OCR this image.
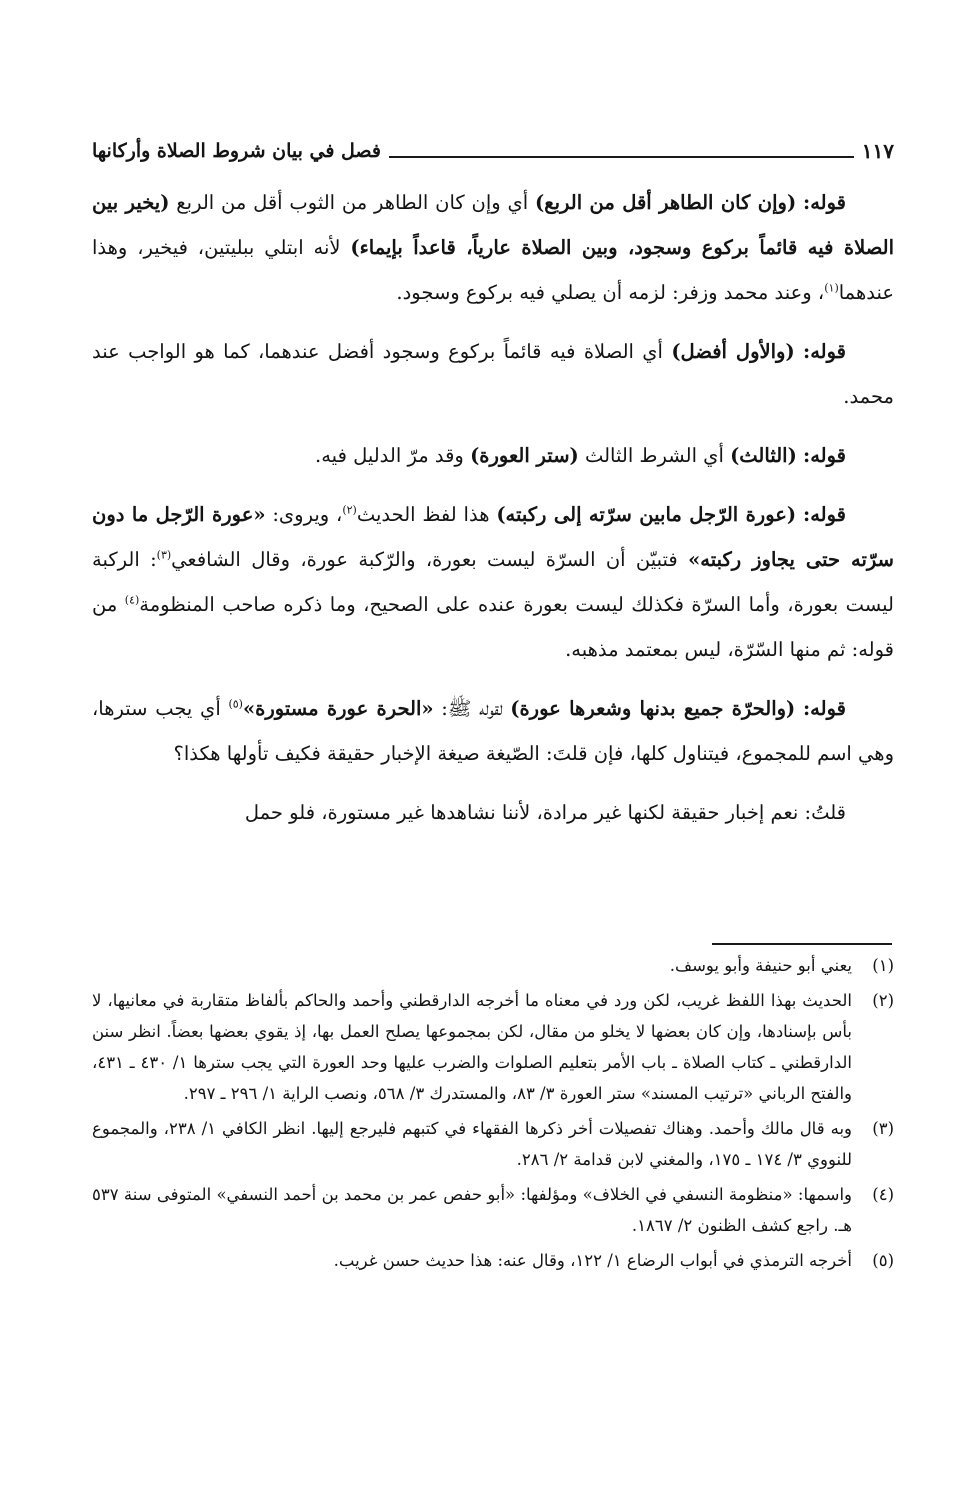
فصل في بيان شروط الصلاة وأركانها	١١٧

قوله: (وإن كان الطاهر أقل من الربع) أي وإن كان الطاهر من الثوب أقل من الربع (يخير بين الصلاة فيه قائماً بركوع وسجود، وبين الصلاة عارياً، قاعداً بإيماء) لأنه ابتلي ببليتين، فيخير، وهذا عندهما$^{(١)}$، وعند محمد وزفر: لزمه أن يصلي فيه بركوع وسجود.

قوله: (والأول أفضل) أي الصلاة فيه قائماً بركوع وسجود أفضل عندهما، كما هو الواجب عند محمد.

قوله: (الثالث) أي الشرط الثالث (ستر العورة) وقد مرّ الدليل فيه.

قوله: (عورة الرّجل مابين سرّته إلى ركبته) هذا لفظ الحديث$^{(٢)}$، ويروى: «عورة الرّجل ما دون سرّته حتى يجاوز ركبته» فتبيّن أن السرّة ليست بعورة، والرّكبة عورة، وقال الشافعي$^{(٣)}$: الركبة ليست بعورة، وأما السرّة فكذلك ليست بعورة عنده على الصحيح، وما ذكره صاحب المنظومة$^{(٤)}$ من قوله: ثم منها السّرّة، ليس بمعتمد مذهبه.

قوله: (والحرّة جميع بدنها وشعرها عورة) لقوله ﷺ: «الحرة عورة مستورة»$^{(٥)}$ أي يجب سترها، وهي اسم للمجموع، فيتناول كلها، فإن قلتَ: الصّيغة صيغة الإخبار حقيقة فكيف تأولها هكذا؟

قلتُ: نعم إخبار حقيقة لكنها غير مرادة، لأننا نشاهدها غير مستورة، فلو حمل

(١)
يعني أبو حنيفة وأبو يوسف.
(٢)
الحديث بهذا اللفظ غريب، لكن ورد في معناه ما أخرجه الدارقطني وأحمد والحاكم بألفاظ متقاربة في معانيها، لا بأس بإسنادها، وإن كان بعضها لا يخلو من مقال، لكن بمجموعها يصلح العمل بها، إذ يقوي بعضها بعضاً. انظر سنن الدارقطني ـ كتاب الصلاة ـ باب الأمر بتعليم الصلوات والضرب عليها وحد العورة التي يجب سترها ١/ ٤٣٠ ـ ٤٣١، والفتح الرباني «ترتيب المسند» ستر العورة ٣/ ٨٣، والمستدرك ٣/ ٥٦٨، ونصب الراية ١/ ٢٩٦ ـ ٢٩٧.
(٣)
وبه قال مالك وأحمد. وهناك تفصيلات أخر ذكرها الفقهاء في كتبهم فليرجع إليها. انظر الكافي ١/ ٢٣٨، والمجموع للنووي ٣/ ١٧٤ ـ ١٧٥، والمغني لابن قدامة ٢/ ٢٨٦.
(٤)
واسمها: «منظومة النسفي في الخلاف» ومؤلفها: «أبو حفص عمر بن محمد بن أحمد النسفي» المتوفى سنة ٥٣٧ هـ. راجع كشف الظنون ٢/ ١٨٦٧.
(٥)
أخرجه الترمذي في أبواب الرضاع ١/ ١٢٢، وقال عنه: هذا حديث حسن غريب.
